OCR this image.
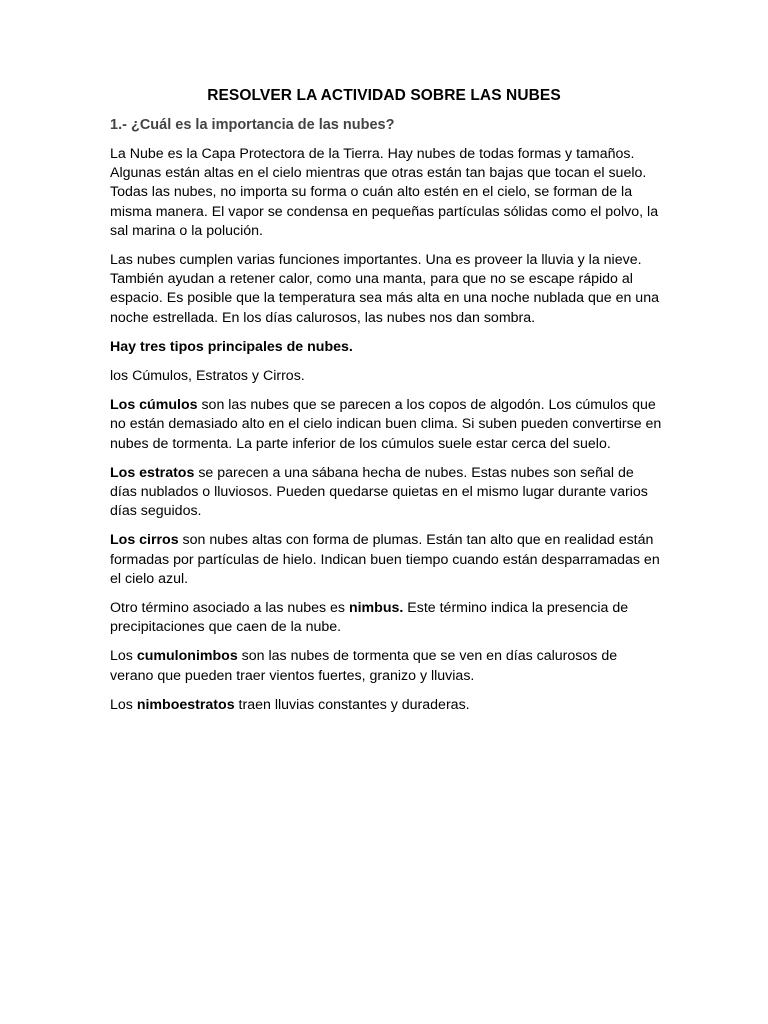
RESOLVER LA ACTIVIDAD SOBRE LAS NUBES

1.- ¿Cuál es la importancia de las nubes?

La Nube es la Capa Protectora de la Tierra. Hay nubes de todas formas y tamaños. Algunas están altas en el cielo mientras que otras están tan bajas que tocan el suelo. Todas las nubes, no importa su forma o cuán alto estén en el cielo, se forman de la misma manera. El vapor se condensa en pequeñas partículas sólidas como el polvo, la sal marina o la polución.

Las nubes cumplen varias funciones importantes. Una es proveer la lluvia y la nieve. También ayudan a retener calor, como una manta, para que no se escape rápido al espacio. Es posible que la temperatura sea más alta en una noche nublada que en una noche estrellada. En los días calurosos, las nubes nos dan sombra.

Hay tres tipos principales de nubes.

los Cúmulos, Estratos y Cirros.

Los cúmulos son las nubes que se parecen a los copos de algodón. Los cúmulos que no están demasiado alto en el cielo indican buen clima. Si suben pueden convertirse en nubes de tormenta. La parte inferior de los cúmulos suele estar cerca del suelo.

Los estratos se parecen a una sábana hecha de nubes. Estas nubes son señal de días nublados o lluviosos. Pueden quedarse quietas en el mismo lugar durante varios días seguidos.

Los cirros son nubes altas con forma de plumas. Están tan alto que en realidad están formadas por partículas de hielo. Indican buen tiempo cuando están desparramadas en el cielo azul.

Otro término asociado a las nubes es nimbus. Este término indica la presencia de precipitaciones que caen de la nube.

Los cumulonimbos son las nubes de tormenta que se ven en días calurosos de verano que pueden traer vientos fuertes, granizo y lluvias.

Los nimboestratos traen lluvias constantes y duraderas.
